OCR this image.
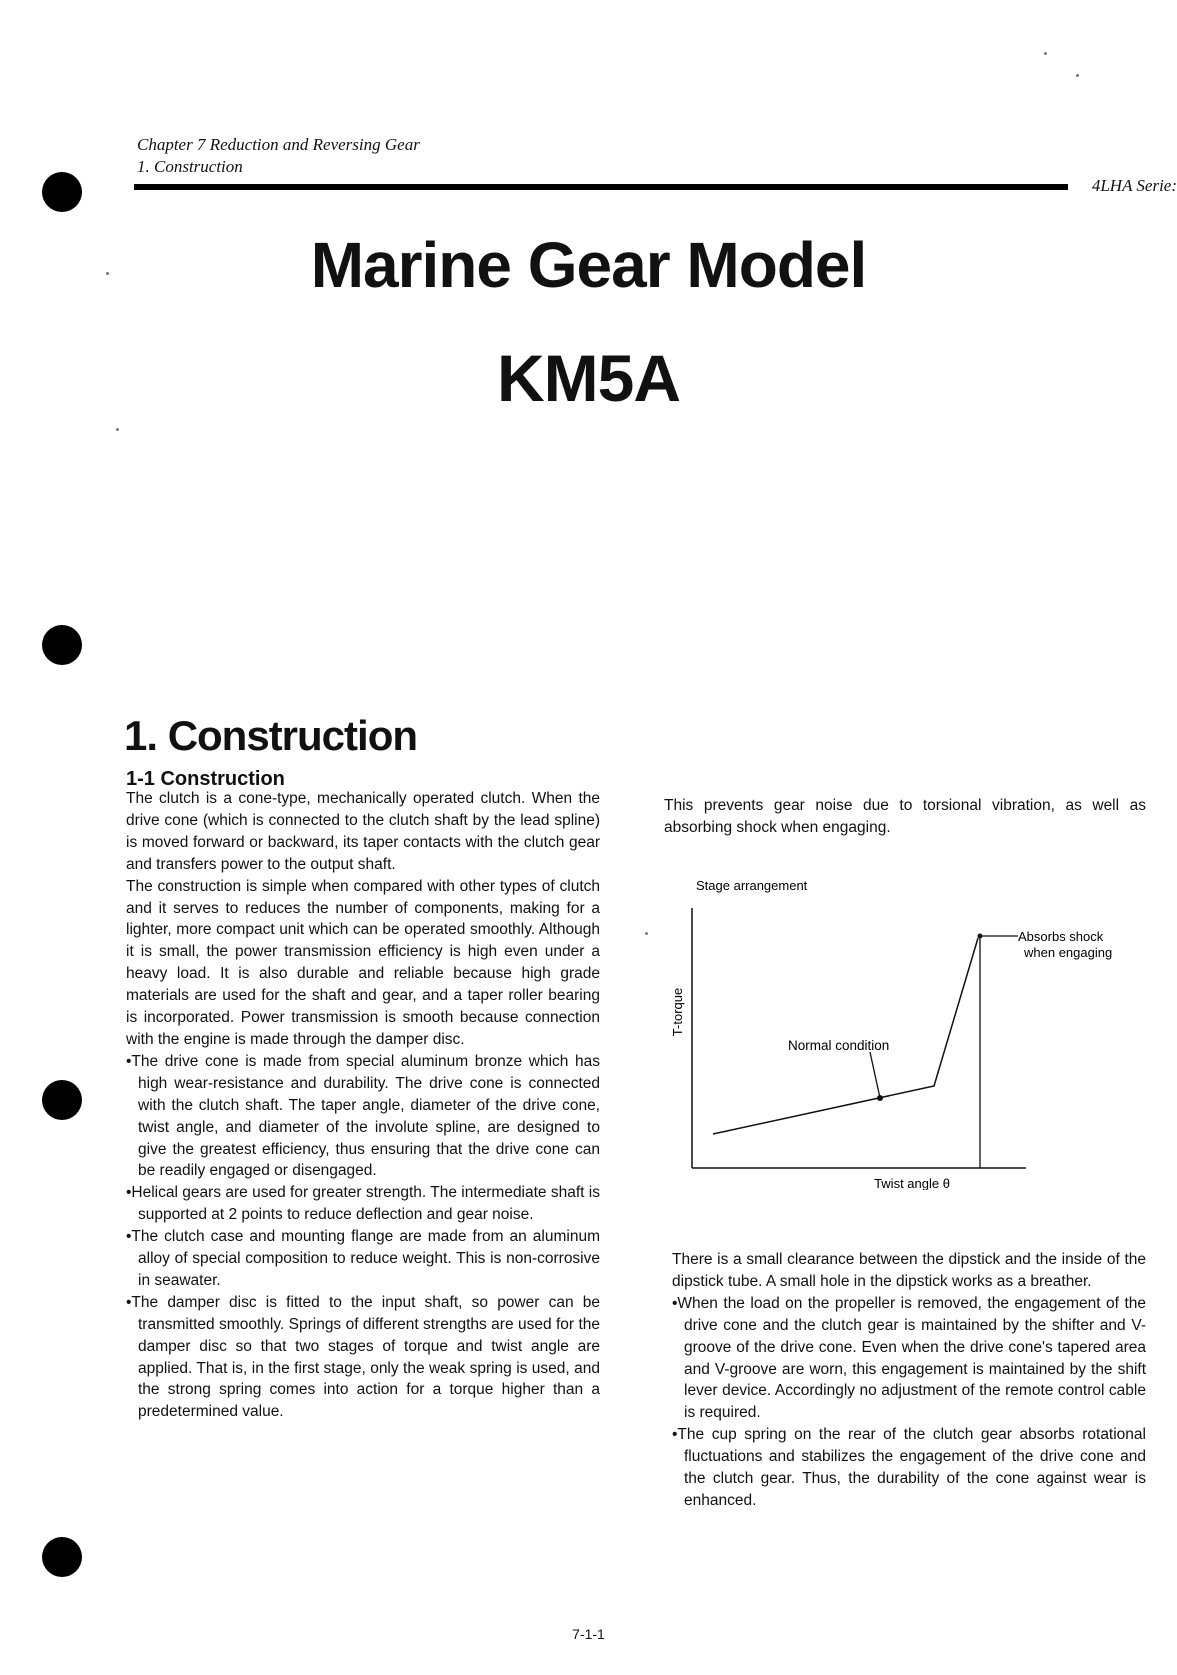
Chapter 7 Reduction and Reversing Gear
1. Construction
4LHA Serie:
Marine Gear Model
KM5A
1. Construction
1-1 Construction

The clutch is a cone-type, mechanically operated clutch. When the drive cone (which is connected to the clutch shaft by the lead spline) is moved forward or backward, its taper contacts with the clutch gear and transfers power to the output shaft.

The construction is simple when compared with other types of clutch and it serves to reduces the number of components, making for a lighter, more compact unit which can be operated smoothly. Although it is small, the power transmission efficiency is high even under a heavy load. It is also durable and reliable because high grade materials are used for the shaft and gear, and a taper roller bearing is incorporated. Power transmission is smooth because connection with the engine is made through the damper disc.

•The drive cone is made from special aluminum bronze which has high wear-resistance and durability. The drive cone is connected with the clutch shaft. The taper angle, diameter of the drive cone, twist angle, and diameter of the involute spline, are designed to give the greatest efficiency, thus ensuring that the drive cone can be readily engaged or disengaged.

•Helical gears are used for greater strength. The intermediate shaft is supported at 2 points to reduce deflection and gear noise.

•The clutch case and mounting flange are made from an aluminum alloy of special composition to reduce weight. This is non-corrosive in seawater.

•The damper disc is fitted to the input shaft, so power can be transmitted smoothly. Springs of different strengths are used for the damper disc so that two stages of torque and twist angle are applied. That is, in the first stage, only the weak spring is used, and the strong spring comes into action for a torque higher than a predetermined value.

This prevents gear noise due to torsional vibration, as well as absorbing shock when engaging.

Stage arrangement
T-torque
Twist angle θ
Normal condition
Absorbs shock
when engaging

There is a small clearance between the dipstick and the inside of the dipstick tube. A small hole in the dipstick works as a breather.

•When the load on the propeller is removed, the engagement of the drive cone and the clutch gear is maintained by the shifter and V-groove of the drive cone. Even when the drive cone's tapered area and V-groove are worn, this engagement is maintained by the shift lever device. Accordingly no adjustment of the remote control cable is required.

•The cup spring on the rear of the clutch gear absorbs rotational fluctuations and stabilizes the engagement of the drive cone and the clutch gear. Thus, the durability of the cone against wear is enhanced.

7-1-1
